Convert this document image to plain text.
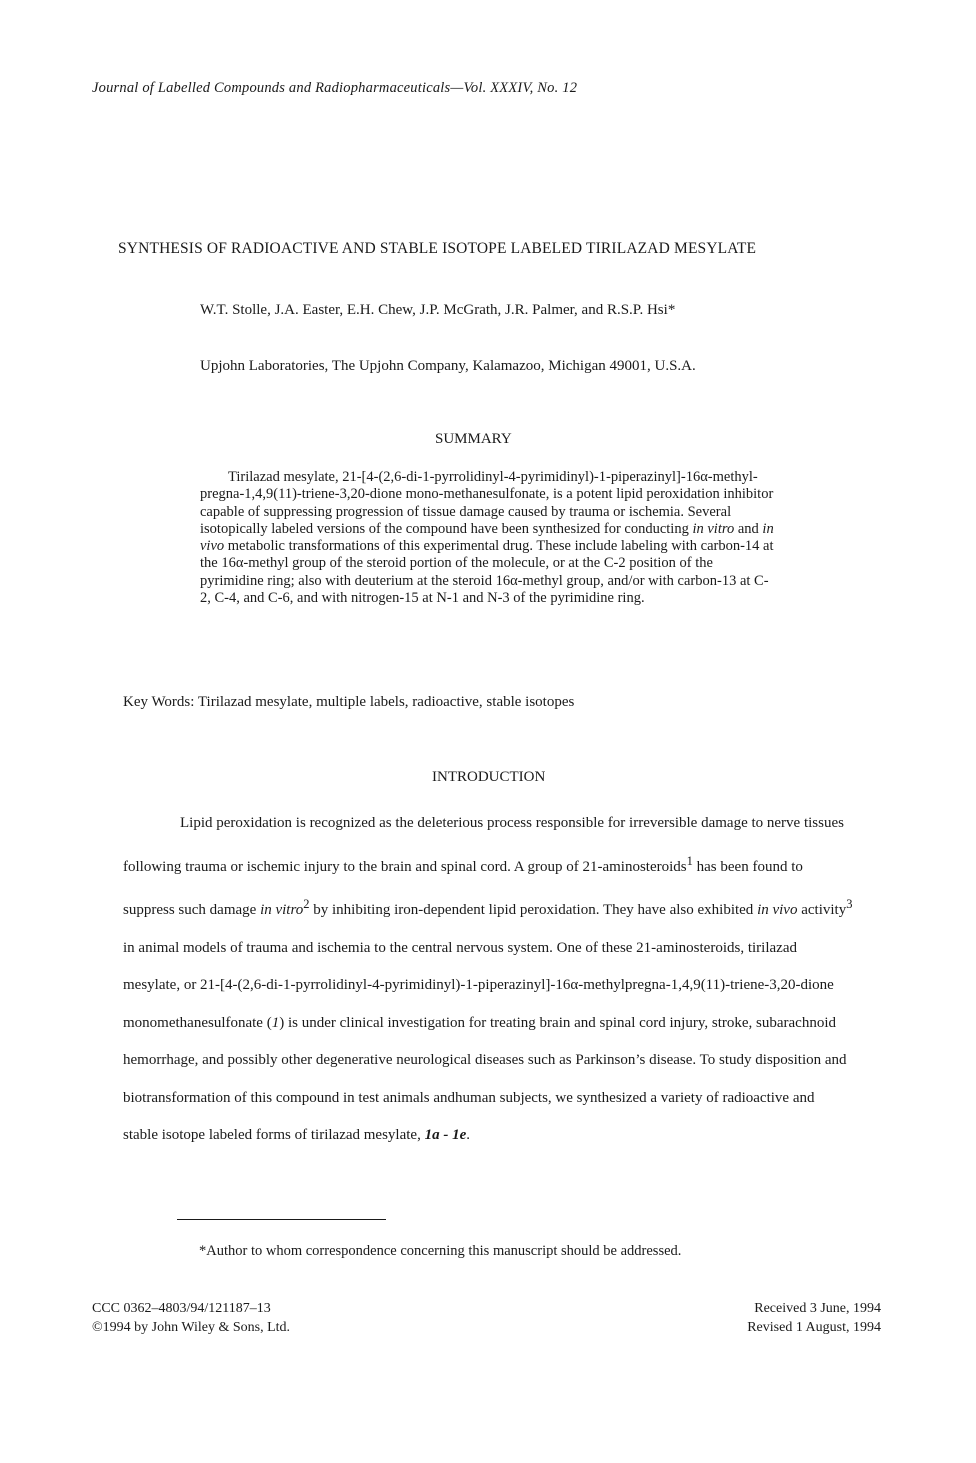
Journal of Labelled Compounds and Radiopharmaceuticals—Vol. XXXIV, No. 12
SYNTHESIS OF RADIOACTIVE AND STABLE ISOTOPE LABELED TIRILAZAD MESYLATE
W.T. Stolle, J.A. Easter, E.H. Chew, J.P. McGrath, J.R. Palmer, and R.S.P. Hsi*
Upjohn Laboratories, The Upjohn Company, Kalamazoo, Michigan 49001, U.S.A.
SUMMARY

Tirilazad mesylate, 21-[4-(2,6-di-1-pyrrolidinyl-4-pyrimidinyl)-1-piperazinyl]-16α-methyl-pregna-1,4,9(11)-triene-3,20-dione mono-methanesulfonate, is a potent lipid peroxidation inhibitor capable of suppressing progression of tissue damage caused by trauma or ischemia. Several isotopically labeled versions of the compound have been synthesized for conducting in vitro and in vivo metabolic transformations of this experimental drug. These include labeling with carbon-14 at the 16α-methyl group of the steroid portion of the molecule, or at the C-2 position of the pyrimidine ring; also with deuterium at the steroid 16α-methyl group, and/or with carbon-13 at C-2, C-4, and C-6, and with nitrogen-15 at N-1 and N-3 of the pyrimidine ring.

Key Words: Tirilazad mesylate, multiple labels, radioactive, stable isotopes
INTRODUCTION

Lipid peroxidation is recognized as the deleterious process responsible for irreversible damage to nerve tissues following trauma or ischemic injury to the brain and spinal cord. A group of 21-aminosteroids$^1$ has been found to suppress such damage in vitro$^2$ by inhibiting iron-dependent lipid peroxidation. They have also exhibited in vivo activity$^3$ in animal models of trauma and ischemia to the central nervous system. One of these 21-aminosteroids, tirilazad mesylate, or 21-[4-(2,6-di-1-pyrrolidinyl-4-pyrimidinyl)-1-piperazinyl]-16α-methylpregna-1,4,9(11)-triene-3,20-dione monomethanesulfonate (1) is under clinical investigation for treating brain and spinal cord injury, stroke, subarachnoid hemorrhage, and possibly other degenerative neurological diseases such as Parkinson’s disease. To study disposition and biotransformation of this compound in test animals andhuman subjects, we synthesized a variety of radioactive and stable isotope labeled forms of tirilazad mesylate, 1a - 1e.

*Author to whom correspondence concerning this manuscript should be addressed.

CCC 0362–4803/94/121187–13
©1994 by John Wiley & Sons, Ltd.
Received 3 June, 1994
Revised 1 August, 1994
